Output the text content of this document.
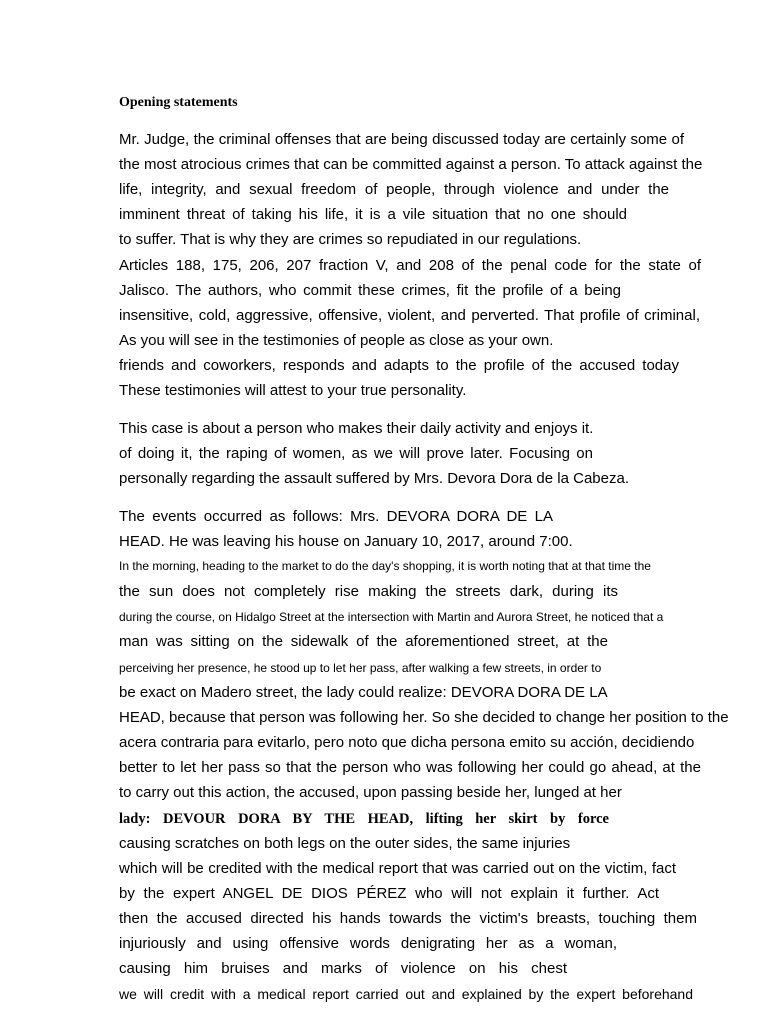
Opening statements
Mr. Judge, the criminal offenses that are being discussed today are certainly some of
the most atrocious crimes that can be committed against a person. To attack against the
life, integrity, and sexual freedom of people, through violence and under the
imminent threat of taking his life, it is a vile situation that no one should
to suffer. That is why they are crimes so repudiated in our regulations.
Articles 188, 175, 206, 207 fraction V, and 208 of the penal code for the state of
Jalisco. The authors, who commit these crimes, fit the profile of a being
insensitive, cold, aggressive, offensive, violent, and perverted. That profile of criminal,
As you will see in the testimonies of people as close as your own.
friends and coworkers, responds and adapts to the profile of the accused today
These testimonies will attest to your true personality.
This case is about a person who makes their daily activity and enjoys it.
of doing it, the raping of women, as we will prove later. Focusing on
personally regarding the assault suffered by Mrs. Devora Dora de la Cabeza.
The events occurred as follows: Mrs. DEVORA DORA DE LA
HEAD. He was leaving his house on January 10, 2017, around 7:00.
In the morning, heading to the market to do the day's shopping, it is worth noting that at that time the
the sun does not completely rise making the streets dark, during its
during the course, on Hidalgo Street at the intersection with Martin and Aurora Street, he noticed that a
man was sitting on the sidewalk of the aforementioned street, at the
perceiving her presence, he stood up to let her pass, after walking a few streets, in order to
be exact on Madero street, the lady could realize: DEVORA DORA DE LA
HEAD, because that person was following her. So she decided to change her position to the
acera contraria para evitarlo, pero noto que dicha persona emito su acción, decidiendo
better to let her pass so that the person who was following her could go ahead, at the
to carry out this action, the accused, upon passing beside her, lunged at her
lady: DEVOUR DORA BY THE HEAD, lifting her skirt by force
causing scratches on both legs on the outer sides, the same injuries
which will be credited with the medical report that was carried out on the victim, fact
by the expert ANGEL DE DIOS PÉREZ who will not explain it further. Act
then the accused directed his hands towards the victim's breasts, touching them
injuriously and using offensive words denigrating her as a woman,
causing him bruises and marks of violence on his chest
we will credit with a medical report carried out and explained by the expert beforehand
